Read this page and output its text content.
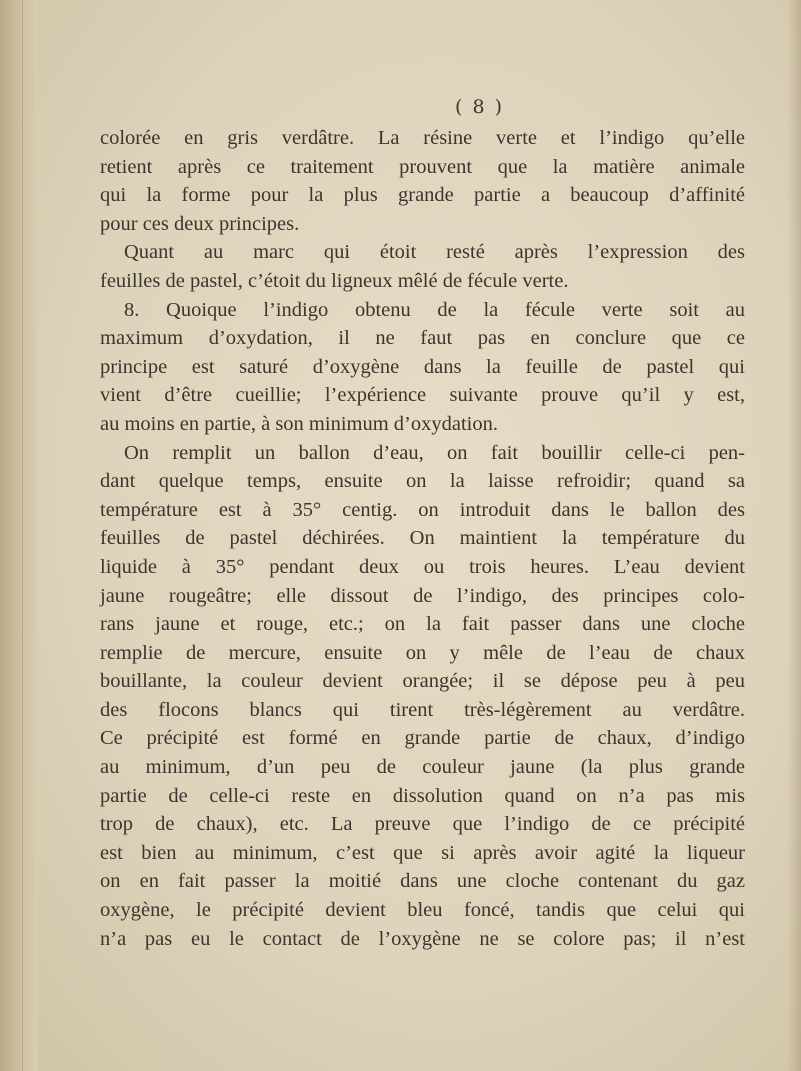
( 8 )
colorée en gris verdâtre. La résine verte et l’indigo qu’elle
retient après ce traitement prouvent que la matière animale
qui la forme pour la plus grande partie a beaucoup d’affinité
pour ces deux principes.
Quant au marc qui étoit resté après l’expression des
feuilles de pastel, c’étoit du ligneux mêlé de fécule verte.
8. Quoique l’indigo obtenu de la fécule verte soit au
maximum d’oxydation, il ne faut pas en conclure que ce
principe est saturé d’oxygène dans la feuille de pastel qui
vient d’être cueillie; l’expérience suivante prouve qu’il y est,
au moins en partie, à son minimum d’oxydation.
On remplit un ballon d’eau, on fait bouillir celle-ci pen-
dant quelque temps, ensuite on la laisse refroidir; quand sa
température est à 35° centig. on introduit dans le ballon des
feuilles de pastel déchirées. On maintient la température du
liquide à 35° pendant deux ou trois heures. L’eau devient
jaune rougeâtre; elle dissout de l’indigo, des principes colo-
rans jaune et rouge, etc.; on la fait passer dans une cloche
remplie de mercure, ensuite on y mêle de l’eau de chaux
bouillante, la couleur devient orangée; il se dépose peu à peu
des flocons blancs qui tirent très-légèrement au verdâtre.
Ce précipité est formé en grande partie de chaux, d’indigo
au minimum, d’un peu de couleur jaune (la plus grande
partie de celle-ci reste en dissolution quand on n’a pas mis
trop de chaux), etc. La preuve que l’indigo de ce précipité
est bien au minimum, c’est que si après avoir agité la liqueur
on en fait passer la moitié dans une cloche contenant du gaz
oxygène, le précipité devient bleu foncé, tandis que celui qui
n’a pas eu le contact de l’oxygène ne se colore pas; il n’est
